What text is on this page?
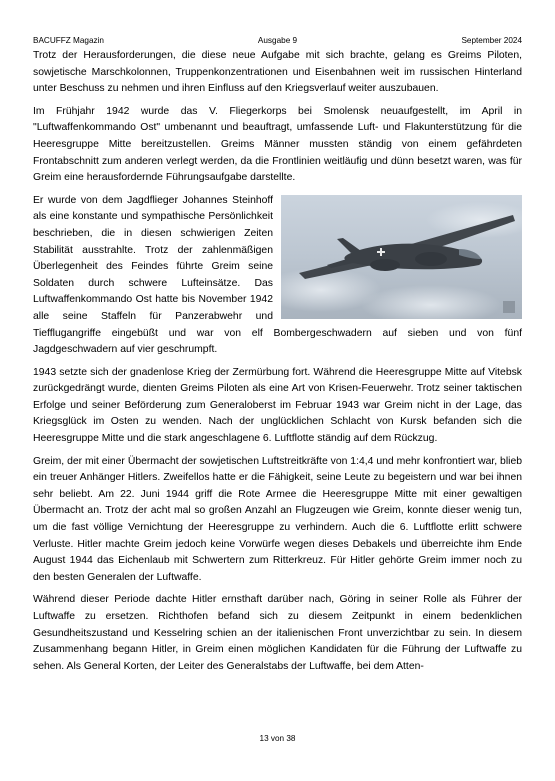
BACUFFZ Magazin	Ausgabe 9	September 2024

Trotz der Herausforderungen, die diese neue Aufgabe mit sich brachte, gelang es Greims Piloten, sowjetische Marschkolonnen, Truppenkonzentrationen und Eisenbahnen weit im russischen Hinterland unter Beschuss zu nehmen und ihren Einfluss auf den Kriegsverlauf weiter auszubauen.

Im Frühjahr 1942 wurde das V. Fliegerkorps bei Smolensk neuaufgestellt, im April in "Luftwaffenkommando Ost" umbenannt und beauftragt, umfassende Luft- und Flakunterstützung für die Heeresgruppe Mitte bereitzustellen. Greims Männer mussten ständig von einem gefährdeten Frontabschnitt zum anderen verlegt werden, da die Frontlinien weitläufig und dünn besetzt waren, was für Greim eine herausfordernde Führungsaufgabe darstellte.

Er wurde von dem Jagdflieger Johannes Steinhoff als eine konstante und sympathische Persönlichkeit beschrieben, die in diesen schwierigen Zeiten Stabilität ausstrahlte. Trotz der zahlenmäßigen Überlegenheit des Feindes führte Greim seine Soldaten durch schwere Lufteinsätze. Das Luftwaffenkommando Ost hatte bis November 1942 alle seine Staffeln für Panzerabwehr und Tiefflugangriffe eingebüßt und war von elf Bombergeschwadern auf sieben und von fünf Jagdgeschwadern auf vier geschrumpft.

1943 setzte sich der gnadenlose Krieg der Zermürbung fort. Während die Heeresgruppe Mitte auf Vitebsk zurückgedrängt wurde, dienten Greims Piloten als eine Art von Krisen-Feuerwehr. Trotz seiner taktischen Erfolge und seiner Beförderung zum Generaloberst im Februar 1943 war Greim nicht in der Lage, das Kriegsglück im Osten zu wenden. Nach der unglücklichen Schlacht von Kursk befanden sich die Heeresgruppe Mitte und die stark angeschlagene 6. Luftflotte ständig auf dem Rückzug.

Greim, der mit einer Übermacht der sowjetischen Luftstreitkräfte von 1:4,4 und mehr konfrontiert war, blieb ein treuer Anhänger Hitlers. Zweifellos hatte er die Fähigkeit, seine Leute zu begeistern und war bei ihnen sehr beliebt. Am 22. Juni 1944 griff die Rote Armee die Heeresgruppe Mitte mit einer gewaltigen Übermacht an. Trotz der acht mal so großen Anzahl an Flugzeugen wie Greim, konnte dieser wenig tun, um die fast völlige Vernichtung der Heeresgruppe zu verhindern. Auch die 6. Luftflotte erlitt schwere Verluste. Hitler machte Greim jedoch keine Vorwürfe wegen dieses Debakels und überreichte ihm Ende August 1944 das Eichenlaub mit Schwertern zum Ritterkreuz. Für Hitler gehörte Greim immer noch zu den besten Generalen der Luftwaffe.

Während dieser Periode dachte Hitler ernsthaft darüber nach, Göring in seiner Rolle als Führer der Luftwaffe zu ersetzen. Richthofen befand sich zu diesem Zeitpunkt in einem bedenklichen Gesundheitszustand und Kesselring schien an der italienischen Front unverzichtbar zu sein. In diesem Zusammenhang begann Hitler, in Greim einen möglichen Kandidaten für die Führung der Luftwaffe zu sehen. Als General Korten, der Leiter des Generalstabs der Luftwaffe, bei dem Atten-

13 von 38
